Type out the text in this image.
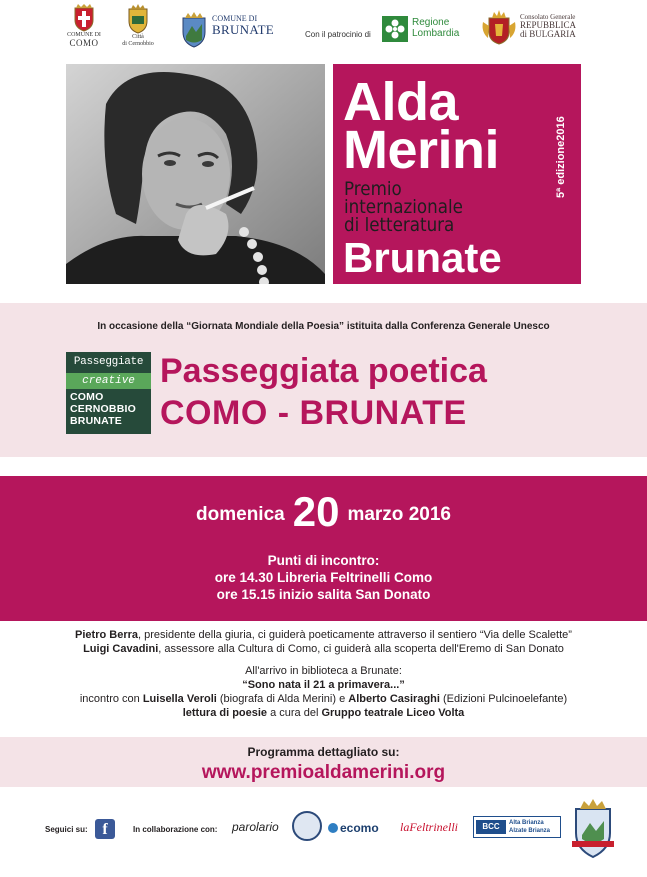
COMUNE DI
COMO
Città
di Cernobbio
COMUNE DI
BRUNATE	Con il patrocinio di
Regione
Lombardia
Consolato Generale
REPUBBLICA
di BULGARIA
Alda
Merini
Premio
internazionale
di letteratura
Brunate
5ª edizione2016
In occasione della “Giornata Mondiale della Poesia” istituita dalla Conferenza Generale Unesco
Passeggiate
creative
COMO
CERNOBBIO
BRUNATE
Passeggiata poetica
COMO - BRUNATE
domenica 20 marzo 2016
Punti di incontro:
ore 14.30 Libreria Feltrinelli Como
ore 15.15 inizio salita San Donato

Pietro Berra, presidente della giuria, ci guiderà poeticamente attraverso il sentiero “Via delle Scalette”

Luigi Cavadini, assessore alla Cultura di Como, ci guiderà alla scoperta dell'Eremo di San Donato

All'arrivo in biblioteca a Brunate:

“Sono nata il 21 a primavera...”

incontro con Luisella Veroli (biografa di Alda Merini) e Alberto Casiraghi (Edizioni Pulcinoelefante)

lettura di poesie a cura del Gruppo teatrale Liceo Volta

Programma dettagliato su:
www.premioaldamerini.org
Seguici su: f	In collaborazione con: parolario	ecomo laFeltrinelli	BCC	Alta Brianza
Alzate Brianza
